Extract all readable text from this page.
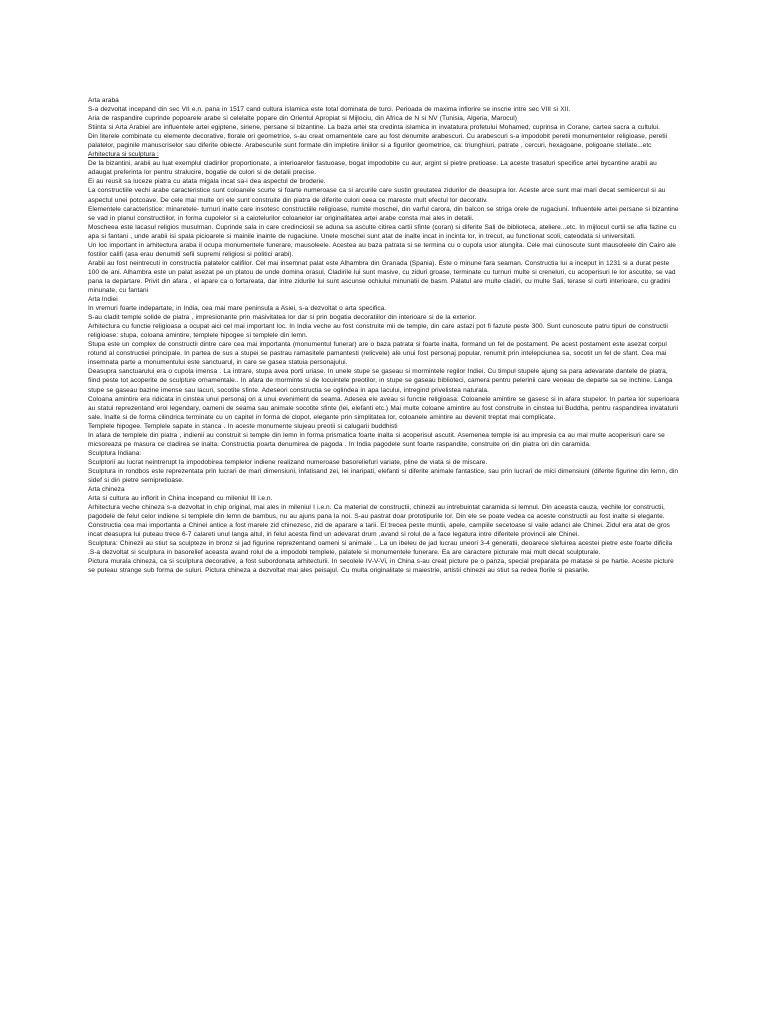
Arta araba

S-a dezvoltat incepand din sec VII e.n. pana in 1517 cand cultura islamica este total dominata de turci. Perioada de maxima inflorire se inscrie intre sec VIII si XII.

Aria de raspandire cuprinde popoarele arabe si celelalte popare din Orientul Apropiat si Mijlociu, din Africa de N si NV (Tunisia, Algeria, Marocul)

Stiinta si Arta Arabiei are influentele artei egiptene, siriene, persane si bizantine. La baza artei sta credinta islamica in invatatura profetului Mohamed, cuprinsa in Corane, cartea sacra a cultului.

Din literele combinate cu elemente decorative, florale ori geometrice, s-au creat ornamentele care au fost denumite arabescuri. Cu arabescuri s-a impodobit peretii monumentelor religioase, peretii palatelor, paginile manuscriselor sau diferite obiecte. Arabescurile sunt formate din impletire liniilor si a figurilor geometrice, ca: triunghiuri, patrate , cercuri, hexagoane, poligoane stellate...etc

Arhitectura si sculptura :

De la bizantini, arabii au luat exemplul cladirilor proportionate, a interioarelor fastuoase, bogat impodobite cu aur, argint si pietre pretioase. La aceste trasaturi specifice artei bycantine arabii au adaugat preferinta lor pentru stralucire, bogatie de culori si de detalii precise.

Ei au reusit sa luceze piatra cu atata migala incat sa-i dea aspectul de broderie.

La constructiile vechi arabe caracteristice sunt coloanele scurte si foarte numeroase ca si arcurile care sustin greutatea zidurilor de deasupra lor. Aceste arce sunt mai mari decat semicercul si au aspectul unei potcoave. De cele mai multe ori ele sunt construite din piatra de diferite culori ceea ce mareste mult efectul lor decorativ.

Elementele caracteristice: minaretele- turnuri inalte care insotesc constructiile religioase, numite moschei, din varful carora, din balcon se striga orele de rugaciuni. Influentele artei persane si bizantine se vad in planul constructiilor, in forma cupolelor si a caiotelurilor coloanelor iar originalitatea artei arabe consta mai ales in detalii.

Moscheea este lacasul religios musulman. Cuprinde sala in care credinciosii se aduna sa asculte citirea cartii sfinte (coran) si diferite Sali de biblioteca, ateliere...etc. In mijlocul curtii se afla fazine cu apa si fantani , unde arabii isi spala picioarele si mainile inainte de rugaciune. Unele moschei sunt atat de inalte incat in incinta lor, in trecut, au functionat scoli, cateodata si universitati.

Un loc important in arhitectura araba il ocupa monumentele funerare, mausoleele. Acestea au baza patrata si se termina cu o cupola usor alungita. Cele mai cunoscute sunt mausoleele din Cairo ale fostilor califi (asa erau denumiti sefii supremi religiosi si politici arabi).

Arabii au fost neintrecuti in constructia palatelor califilor. Cel mai insemnat palat este Alhambra din Granada (Spania). Este o minune fara seaman. Constructia lui a inceput in 1231 si a durat peste 100 de ani. Alhambra este un palat asezat pe un platou de unde domina orasul. Cladirile lui sunt masive, cu ziduri groase, terminate cu turnuri multe si creneluri, cu acoperisuri le lor ascutite, se vad pana la departare. Privit din afara , el apare ca o fortareata, dar intre zidurile lui sunt ascunse ochiului minunatii de basm. Palatul are multe cladiri, cu multe Sali, terase si curti interioare, cu gradini minunate, cu fantani

Arta Indiei

In vremuri foarte indepartate, in India, cea mai mare peninsula a Asiei, s-a dezvoltat o arta specifica.

S-au cladit temple solide de piatra , impresionante prin masivitatea lor dar si prin bogatia decoratiilor din interioare si de la exterior.

Arhitectura cu functie religioasa a ocupat aici cel mai important loc. In India veche au fost construite mii de temple, din care astazi pot fi fazute peste 300. Sunt cunoscute patru tipuri de constructii religioase: stupa, coloana amintire, templele hipogee si templele din lemn.

Stupa este un complex de constructii dintre care cea mai importanta (monumentul funerar) are o baza patrata si foarte inalta, formand un fel de postament. Pe acest postament este asezat corpul rotund al constructiei principale. In partea de sus a stupei se pastrau ramasitele pamantesti (relicvele) ale unui fost personaj popular, renumit prin intelepciunea sa, socotit un fel de sfant. Cea mai insemnata parte a monumentului este sanctuarul, in care se gasea statuia personajului.

Deasupra sanctuarului era o cupola imensa . La intrare, stupa avea porti uriase. In unele stupe se gaseau si mormintele regilor Indiei. Cu timpul stupele ajung sa para adevarate dantele de piatra, fiind peste tot acoperite de sculpture ornamentale.. In afara de morminte si de locuintele preotilor, in stupe se gaseau biblioteci, camera pentru pelerinii care veneau de departe sa se inchine. Langa stupe se gaseau bazine imense sau lacuri, socotite sfinte. Adeseori constructia se oglindea in apa lacului, intregind privelistea naturala.

Coloana amintire era ridicata in cinstea unui personaj ori a unui eveniment de seama. Adesea ele aveau si functie religioasa. Coloanele amintire se gasesc si in afara stupelor. In partea lor superioara au statui reprezentand eroi legendary, oameni de seama sau animale socotite sfinte (lei, elefanti etc.) Mai multe coloane amintire au fost construite in cinstea lui Buddha, pentru raspandirea invataturii sale. Inalte si de forma cilindrica terminate cu un capitel in forma de clopot, elegante prin simplitatea lor, coloanele amintire au devenit treptat mai complicate.

Templele hipogee. Templele sapate in stanca . In aceste monumente slujeau preotii si calugarii buddhisti

In afara de templele din piatra , indienii au construit si temple din lemn in forma prismatica foarte inalta si acoperisul ascutit. Asemenea temple isi au impresia ca au mai multe acoperisuri care se micsoreaza pe masura ce cladirea se inalta. Constructia poarta denumirea de pagoda . In India pagodele sunt foarte raspandite, construite ori din piatra ori din caramida.

Sculptura Indiana:

Sculptorii au lucrat neintrerupt la impodobirea templelor indiene realizand numeroase basoreliefuri variate, pline de viata si de miscare.

Sculptura in rondbos este reprezentata prin lucrari de mari dimensiuni, infatisand zei, lei inaripati, elefanti si diferite animale fantastice, sau prin lucrari de mici dimensiuni (diferite figurine din lemn, din sidef si din pietre semipretioase.

Arta chineza

Arta si cultura au inflorit in China incepand cu mileniul III i.e.n.

Arhitectura veche chineza s-a dezvoltat in chip original, mai ales in mileniul I i.e.n. Ca material de constructii, chinezii au intrebuintat caramida si lemnul. Din aceasta cauza, vechile lor constructii, pagodele de felul celor indiene si templele din lemn de bambus, nu au ajuns pana la noi. S-au pastrat doar prototipurile lor. Din ele se poate vedea ca aceste constructii au fost inalte si elegante.

Constructia cea mai importanta a Chinei antice a fost marele zid chinezesc, zid de aparare a tarii. El trecea peste muntii, apele, campiile secetoase si vaile adanci ale Chinei. Zidul era atat de gros incat deasupra lui puteau trece 6-7 calareti unul langa altul, in felul acesta fiind un adevarat drum ,avand si rolul de a face legatura intre diferitele provincii ale Chinei.

Sculptura: Chinezii au stiut sa sculpteze in bronz si jad figurine reprezentand oameni si animale .. La un ibeleu de jad lucrau uneori 3-4 generatii, deoarece slefuirea acestei pietre este foarte dificila .S-a dezvoltat si sculptura in basorelief aceasta avand rolul de a impodobi templele, palatele si monumentele funerare. Ea are caractere picturale mai mult decat sculpturale.

Pictura murala chineza, ca si sculptura decorative, a fost subordonata arhitecturii. In secolele IV-V-Vi, in China s-au creat picture pe o panza, special preparata pe matase si pe hartie. Aceste picture se puteau strange sub forma de suluri. Pictura chineza a dezvoltat mai ales peisajul. Cu multa originalitate si maiestrie, artistii chinezii au stiut sa redea florile si pasarile.
